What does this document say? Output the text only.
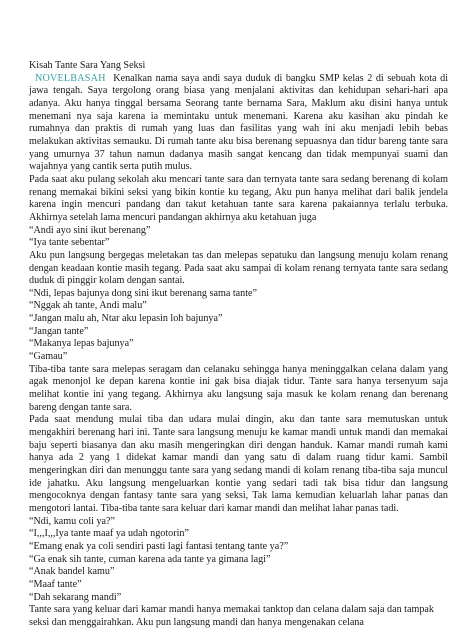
Kisah Tante Sara Yang Seksi

NOVELBASAH Kenalkan nama saya andi saya duduk di bangku SMP kelas 2 di sebuah kota di jawa tengah. Saya tergolong orang biasa yang menjalani aktivitas dan kehidupan sehari-hari apa adanya. Aku hanya tinggal bersama Seorang tante bernama Sara, Maklum aku disini hanya untuk menemani nya saja karena ia memintaku untuk menemani. Karena aku kasihan aku pindah ke rumahnya dan praktis di rumah yang luas dan fasilitas yang wah ini aku menjadi lebih bebas melakukan aktivitas semauku. Di rumah tante aku bisa berenang sepuasnya dan tidur bareng tante sara yang umurnya 37 tahun namun dadanya masih sangat kencang dan tidak mempunyai suami dan wajahnya yang cantik serta putih mulus.

Pada saat aku pulang sekolah aku mencari tante sara dan ternyata tante sara sedang berenang di kolam renang memakai bikini seksi yang bikin kontie ku tegang, Aku pun hanya melihat dari balik jendela karena ingin mencuri pandang dan takut ketahuan tante sara karena pakaiannya terlalu terbuka. Akhirnya setelah lama mencuri pandangan akhirnya aku ketahuan juga

“Andi ayo sini ikut berenang”

“Iya tante sebentar”

Aku pun langsung bergegas meletakan tas dan melepas sepatuku dan langsung menuju kolam renang dengan keadaan kontie masih tegang. Pada saat aku sampai di kolam renang ternyata tante sara sedang duduk di pinggir kolam dengan santai.

“Ndi, lepas bajunya dong sini ikut berenang sama tante”

“Nggak ah tante, Andi malu”

“Jangan malu ah, Ntar aku lepasin loh bajunya”

“Jangan tante”

“Makanya lepas bajunya”

“Gamau”

Tiba-tiba tante sara melepas seragam dan celanaku sehingga hanya meninggalkan celana dalam yang agak menonjol ke depan karena kontie ini gak bisa diajak tidur. Tante sara hanya tersenyum saja melihat kontie ini yang tegang. Akhirnya aku langsung saja masuk ke kolam renang dan berenang bareng dengan tante sara.

Pada saat mendung mulai tiba dan udara mulai dingin, aku dan tante sara memutuskan untuk mengakhiri berenang hari ini. Tante sara langsung menuju ke kamar mandi untuk mandi dan memakai baju seperti biasanya dan aku masih mengeringkan diri dengan handuk. Kamar mandi rumah kami hanya ada 2 yang 1 didekat kamar mandi dan yang satu di dalam ruang tidur kami. Sambil mengeringkan diri dan menunggu tante sara yang sedang mandi di kolam renang tiba-tiba saja muncul ide jahatku. Aku langsung mengeluarkan kontie yang sedari tadi tak bisa tidur dan langsung mengocoknya dengan fantasy tante sara yang seksi, Tak lama kemudian keluarlah lahar panas dan mengotori lantai. Tiba-tiba tante sara keluar dari kamar mandi dan melihat lahar panas tadi.

“Ndi, kamu coli ya?”

“I,,,I,,,Iya tante maaf ya udah ngotorin”

“Emang enak ya coli sendiri pasti lagi fantasi tentang tante ya?”

“Ga enak sih tante, cuman karena ada tante ya gimana lagi”

“Anak bandel kamu”

“Maaf tante”

“Dah sekarang mandi”

Tante sara yang keluar dari kamar mandi hanya memakai tanktop dan celana dalam saja dan tampak seksi dan menggairahkan. Aku pun langsung mandi dan hanya mengenakan celana
